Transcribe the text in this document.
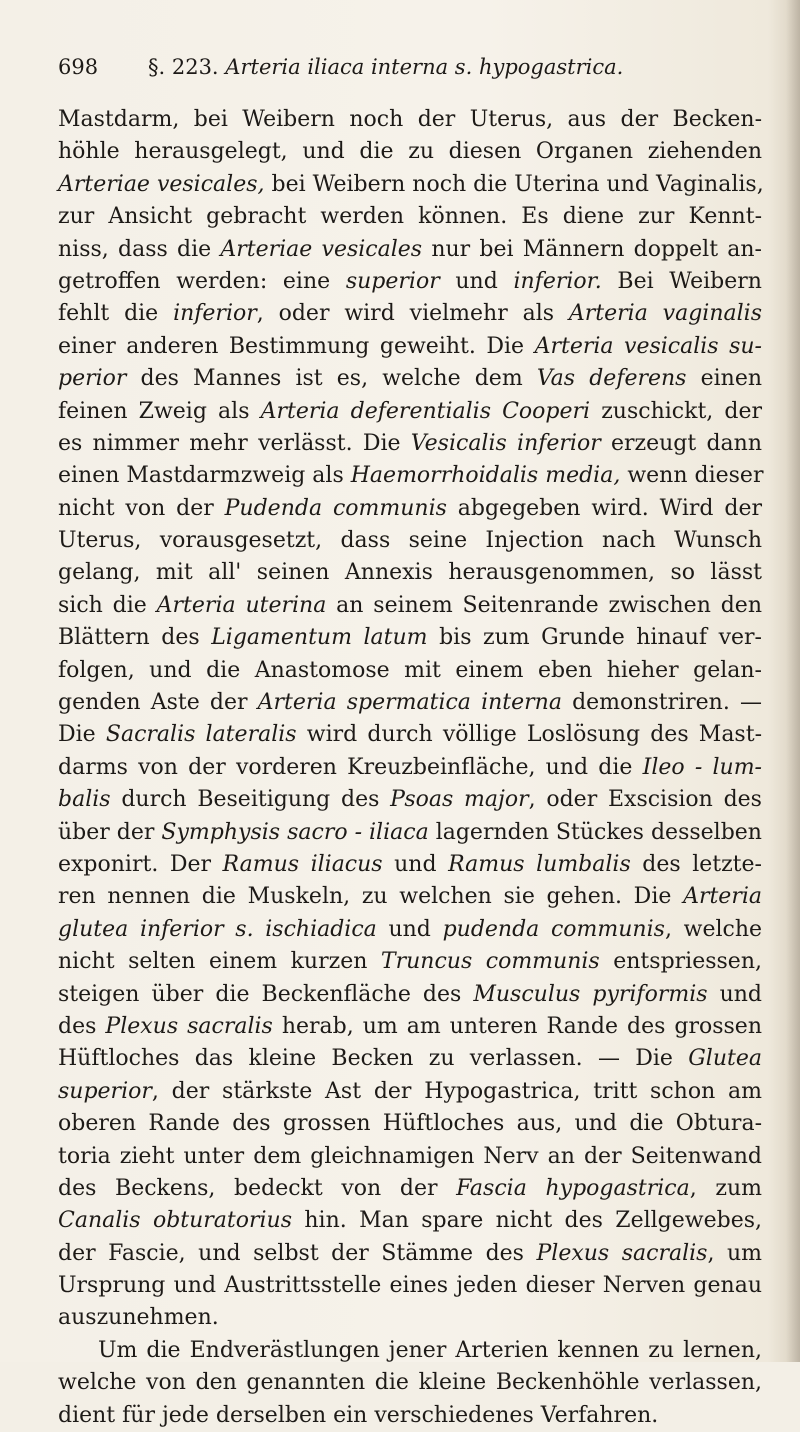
698 §. 223. Arteria iliaca interna s. hypogastrica.
Mastdarm, bei Weibern noch der Uterus, aus der Becken-
höhle herausgelegt, und die zu diesen Organen ziehenden
Arteriae vesicales, bei Weibern noch die Uterina und Vaginalis,
zur Ansicht gebracht werden können. Es diene zur Kennt-
niss, dass die Arteriae vesicales nur bei Männern doppelt an-
getroffen werden: eine superior und inferior. Bei Weibern
fehlt die inferior, oder wird vielmehr als Arteria vaginalis
einer anderen Bestimmung geweiht. Die Arteria vesicalis su-
perior des Mannes ist es, welche dem Vas deferens einen
feinen Zweig als Arteria deferentialis Cooperi zuschickt, der
es nimmer mehr verlässt. Die Vesicalis inferior erzeugt dann
einen Mastdarmzweig als Haemorrhoidalis media, wenn dieser
nicht von der Pudenda communis abgegeben wird. Wird der
Uterus, vorausgesetzt, dass seine Injection nach Wunsch
gelang, mit all' seinen Annexis herausgenommen, so lässt
sich die Arteria uterina an seinem Seitenrande zwischen den
Blättern des Ligamentum latum bis zum Grunde hinauf ver-
folgen, und die Anastomose mit einem eben hieher gelan-
genden Aste der Arteria spermatica interna demonstriren. —
Die Sacralis lateralis wird durch völlige Loslösung des Mast-
darms von der vorderen Kreuzbeinfläche, und die Ileo - lum-
balis durch Beseitigung des Psoas major, oder Exscision des
über der Symphysis sacro - iliaca lagernden Stückes desselben
exponirt. Der Ramus iliacus und Ramus lumbalis des letzte-
ren nennen die Muskeln, zu welchen sie gehen. Die Arteria
glutea inferior s. ischiadica und pudenda communis, welche
nicht selten einem kurzen Truncus communis entspriessen,
steigen über die Beckenfläche des Musculus pyriformis und
des Plexus sacralis herab, um am unteren Rande des grossen
Hüftloches das kleine Becken zu verlassen. — Die Glutea
superior, der stärkste Ast der Hypogastrica, tritt schon am
oberen Rande des grossen Hüftloches aus, und die Obtura-
toria zieht unter dem gleichnamigen Nerv an der Seitenwand
des Beckens, bedeckt von der Fascia hypogastrica, zum
Canalis obturatorius hin. Man spare nicht des Zellgewebes,
der Fascie, und selbst der Stämme des Plexus sacralis, um
Ursprung und Austrittsstelle eines jeden dieser Nerven genau
auszunehmen.
Um die Endverästlungen jener Arterien kennen zu lernen,
welche von den genannten die kleine Beckenhöhle verlassen,
dient für jede derselben ein verschiedenes Verfahren.
